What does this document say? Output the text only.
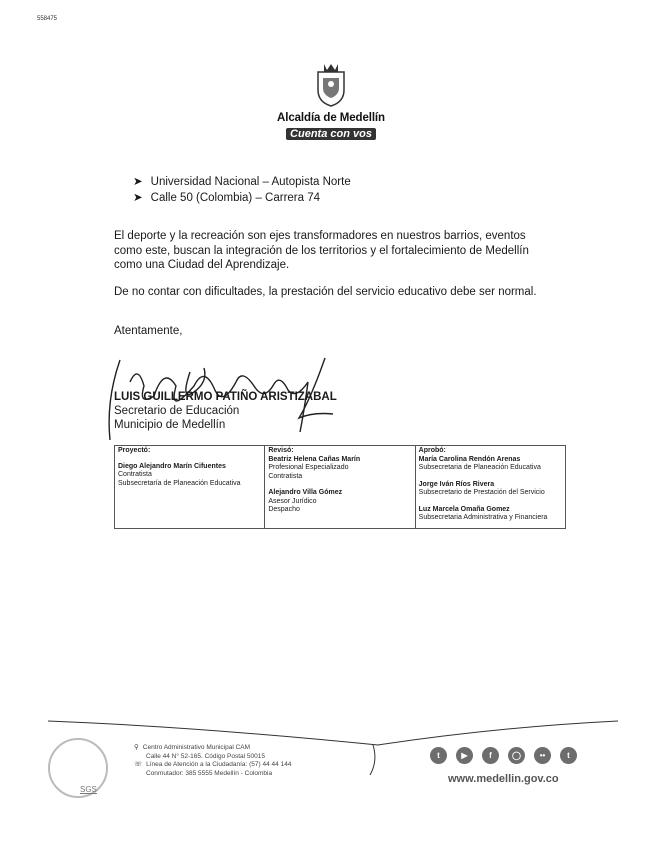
558475
Alcaldía de Medellín
Cuenta con vos
➤ Universidad Nacional – Autopista Norte
➤ Calle 50 (Colombia) – Carrera 74
El deporte y la recreación son ejes transformadores en nuestros barrios, eventos como este, buscan la integración de los territorios y el fortalecimiento de Medellín como una Ciudad del Aprendizaje.
De no contar con dificultades, la prestación del servicio educativo debe ser normal.
Atentamente,
LUIS GUILLERMO PATIÑO ARISTIZABAL
Secretario de Educación
Municipio de Medellín
Proyectó:
Diego Alejandro Marín Cifuentes
Contratista
Subsecretaría de Planeación Educativa

Revisó:
Beatriz Helena Cañas Marín
Profesional Especializado
Contratista
Alejandro Villa Gómez
Asesor Jurídico
Despacho

Aprobó:
María Carolina Rendón Arenas
Subsecretaria de Planeación Educativa
Jorge Iván Ríos Rivera
Subsecretario de Prestación del Servicio
Luz Marcela Omaña Gomez
Subsecretaria Administrativa y Financiera
SGS
⚲ Centro Administrativo Municipal CAM
Calle 44 N° 52-165. Código Postal 50015
☏ Línea de Atención a la Ciudadanía: (57) 44 44 144
Conmutador: 385 5555 Medellín - Colombia
t	▶	f	◯	••	t
www.medellin.gov.co
